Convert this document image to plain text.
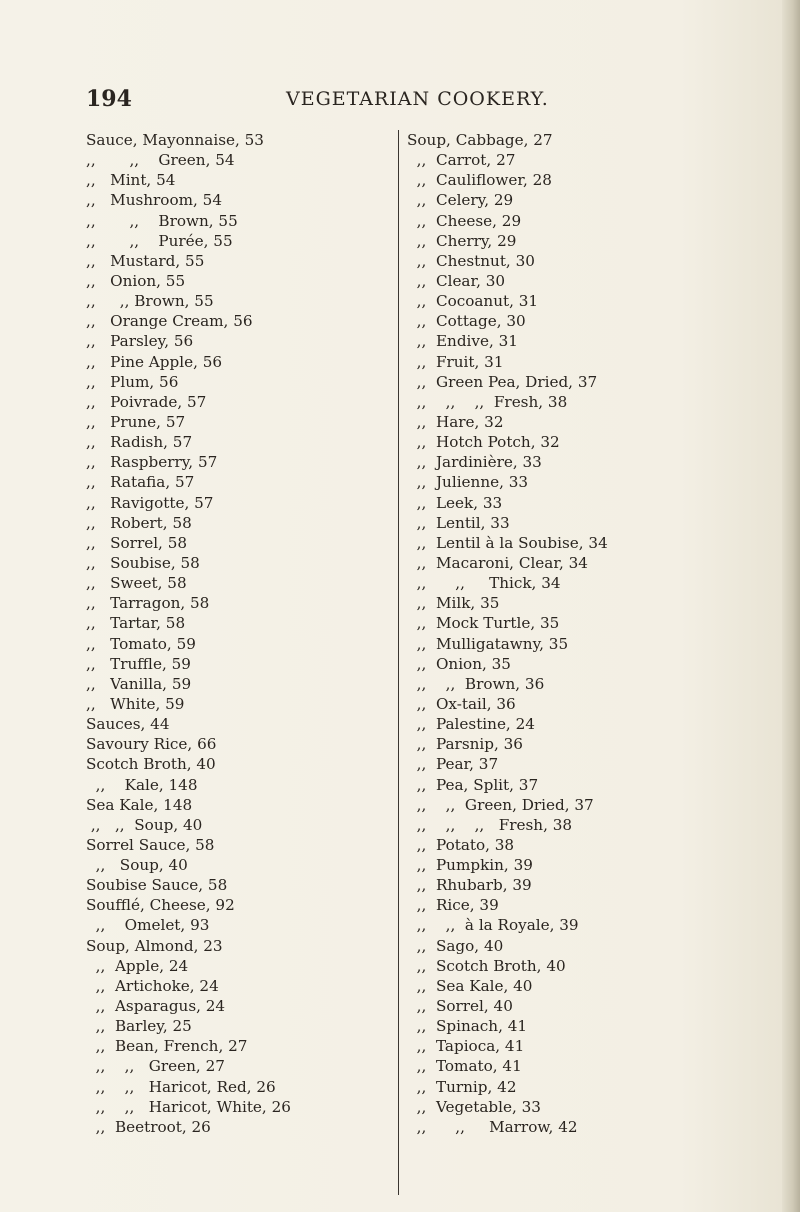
194	VEGETARIAN COOKERY.
Sauce, Mayonnaise, 53
,,       ,,    Green, 54
,,   Mint, 54
,,   Mushroom, 54
,,       ,,    Brown, 55
,,       ,,    Purée, 55
,,   Mustard, 55
,,   Onion, 55
,,     ,, Brown, 55
,,   Orange Cream, 56
,,   Parsley, 56
,,   Pine Apple, 56
,,   Plum, 56
,,   Poivrade, 57
,,   Prune, 57
,,   Radish, 57
,,   Raspberry, 57
,,   Ratafia, 57
,,   Ravigotte, 57
,,   Robert, 58
,,   Sorrel, 58
,,   Soubise, 58
,,   Sweet, 58
,,   Tarragon, 58
,,   Tartar, 58
,,   Tomato, 59
,,   Truffle, 59
,,   Vanilla, 59
,,   White, 59
Sauces, 44
Savoury Rice, 66
Scotch Broth, 40
,,    Kale, 148
Sea Kale, 148
,,   ,,  Soup, 40
Sorrel Sauce, 58
,,   Soup, 40
Soubise Sauce, 58
Soufflé, Cheese, 92
,,    Omelet, 93
Soup, Almond, 23
,,  Apple, 24
,,  Artichoke, 24
,,  Asparagus, 24
,,  Barley, 25
,,  Bean, French, 27
,,    ,,   Green, 27
,,    ,,   Haricot, Red, 26
,,    ,,   Haricot, White, 26
,,  Beetroot, 26
Soup, Cabbage, 27
,,  Carrot, 27
,,  Cauliflower, 28
,,  Celery, 29
,,  Cheese, 29
,,  Cherry, 29
,,  Chestnut, 30
,,  Clear, 30
,,  Cocoanut, 31
,,  Cottage, 30
,,  Endive, 31
,,  Fruit, 31
,,  Green Pea, Dried, 37
,,    ,,    ,,  Fresh, 38
,,  Hare, 32
,,  Hotch Potch, 32
,,  Jardinière, 33
,,  Julienne, 33
,,  Leek, 33
,,  Lentil, 33
,,  Lentil à la Soubise, 34
,,  Macaroni, Clear, 34
,,      ,,     Thick, 34
,,  Milk, 35
,,  Mock Turtle, 35
,,  Mulligatawny, 35
,,  Onion, 35
,,    ,,  Brown, 36
,,  Ox-tail, 36
,,  Palestine, 24
,,  Parsnip, 36
,,  Pear, 37
,,  Pea, Split, 37
,,    ,,  Green, Dried, 37
,,    ,,    ,,   Fresh, 38
,,  Potato, 38
,,  Pumpkin, 39
,,  Rhubarb, 39
,,  Rice, 39
,,    ,,  à la Royale, 39
,,  Sago, 40
,,  Scotch Broth, 40
,,  Sea Kale, 40
,,  Sorrel, 40
,,  Spinach, 41
,,  Tapioca, 41
,,  Tomato, 41
,,  Turnip, 42
,,  Vegetable, 33
,,      ,,     Marrow, 42
